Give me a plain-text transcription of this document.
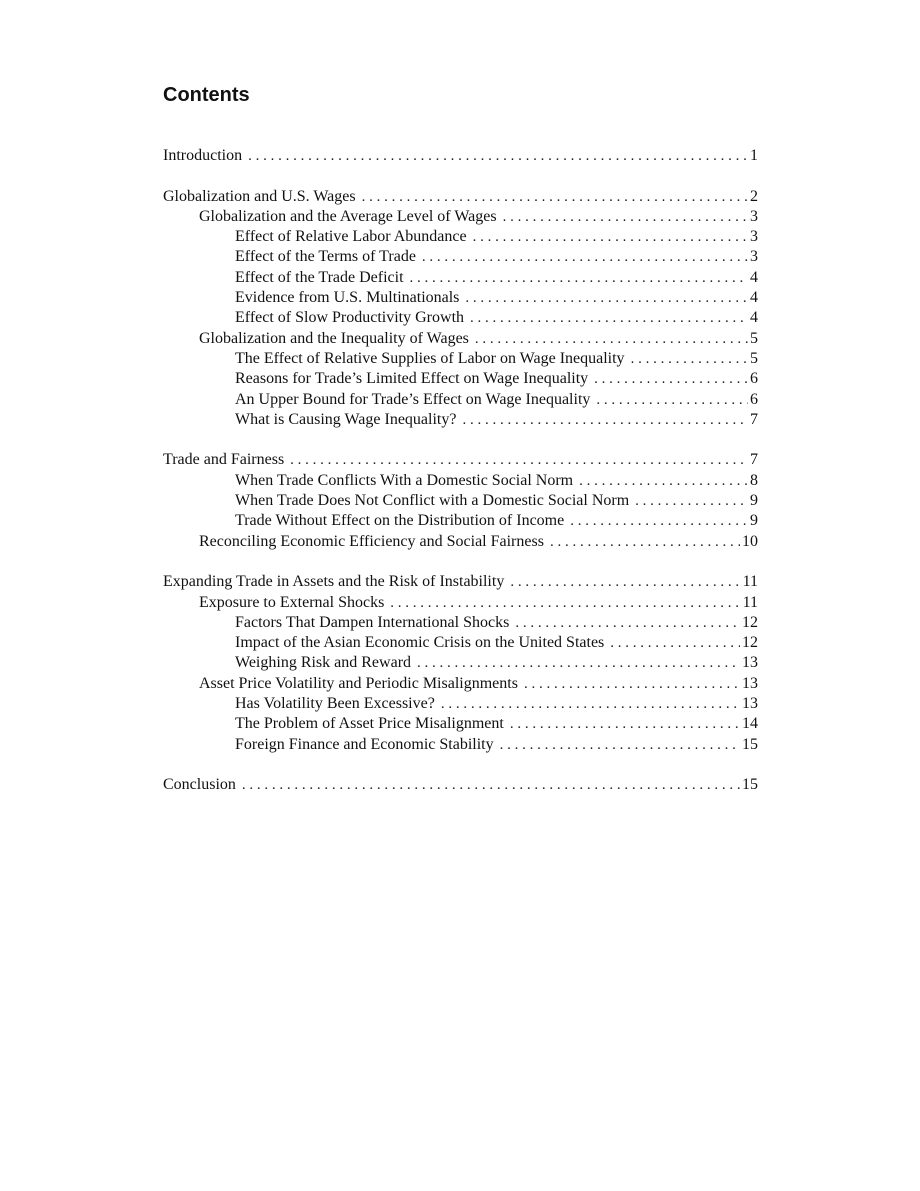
Contents
Introduction . . .	1
Globalization and U.S. Wages . . .	2
Globalization and the Average Level of Wages . . .	3
Effect of Relative Labor Abundance . . .	3
Effect of the Terms of Trade . . .	3
Effect of the Trade Deficit . . .	4
Evidence from U.S. Multinationals . . .	4
Effect of Slow Productivity Growth . . .	4
Globalization and the Inequality of Wages . . .	5
The Effect of Relative Supplies of Labor on Wage Inequality . . .	5
Reasons for Trade’s Limited Effect on Wage Inequality . . .	6
An Upper Bound for Trade’s Effect on Wage Inequality . . .	6
What is Causing Wage Inequality? . . .	7
Trade and Fairness . . .	7
When Trade Conflicts With a Domestic Social Norm . . .	8
When Trade Does Not Conflict with a Domestic Social Norm . . .	9
Trade Without Effect on the Distribution of Income . . .	9
Reconciling Economic Efficiency and Social Fairness . . .	10
Expanding Trade in Assets and the Risk of Instability . . .	11
Exposure to External Shocks . . .	11
Factors That Dampen International Shocks . . .	12
Impact of the Asian Economic Crisis on the United States . . .	12
Weighing Risk and Reward . . .	13
Asset Price Volatility and Periodic Misalignments . . .	13
Has Volatility Been Excessive? . . .	13
The Problem of Asset Price Misalignment . . .	14
Foreign Finance and Economic Stability . . .	15
Conclusion . . .	15
